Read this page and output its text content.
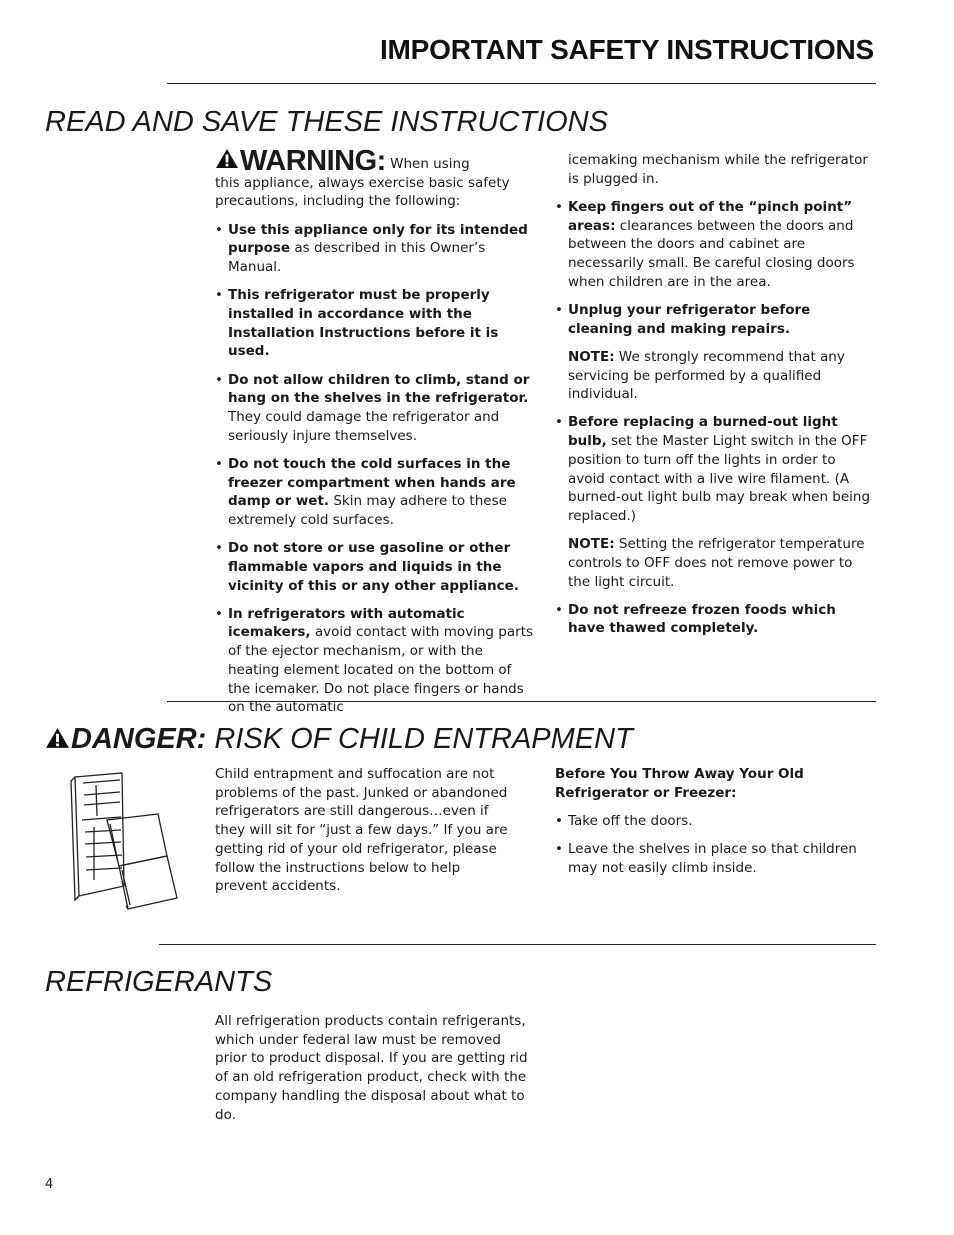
IMPORTANT SAFETY INSTRUCTIONS
READ AND SAVE THESE INSTRUCTIONS
WARNING: When using

this appliance, always exercise basic safety precautions, including the following:

• Use this appliance only for its intended purpose as described in this Owner’s Manual.
• This refrigerator must be properly installed in accordance with the Installation Instructions before it is used.
• Do not allow children to climb, stand or hang on the shelves in the refrigerator. They could damage the refrigerator and seriously injure themselves.
• Do not touch the cold surfaces in the freezer compartment when hands are damp or wet. Skin may adhere to these extremely cold surfaces.
• Do not store or use gasoline or other flammable vapors and liquids in the vicinity of this or any other appliance.
• In refrigerators with automatic icemakers, avoid contact with moving parts of the ejector mechanism, or with the heating element located on the bottom of the icemaker. Do not place fingers or hands on the automatic

icemaking mechanism while the refrigerator is plugged in.

• Keep fingers out of the “pinch point” areas: clearances between the doors and between the doors and cabinet are necessarily small. Be careful closing doors when children are in the area.
• Unplug your refrigerator before cleaning and making repairs.

NOTE: We strongly recommend that any servicing be performed by a qualified individual.

• Before replacing a burned-out light bulb, set the Master Light switch in the OFF position to turn off the lights in order to avoid contact with a live wire filament. (A burned-out light bulb may break when being replaced.)

NOTE: Setting the refrigerator temperature controls to OFF does not remove power to the light circuit.

• Do not refreeze frozen foods which have thawed completely.
DANGER: RISK OF CHILD ENTRAPMENT

Child entrapment and suffocation are not problems of the past. Junked or abandoned refrigerators are still dangerous…even if they will sit for “just a few days.” If you are getting rid of your old refrigerator, please follow the instructions below to help prevent accidents.

Before You Throw Away Your Old Refrigerator or Freezer:

• Take off the doors.
• Leave the shelves in place so that children may not easily climb inside.
REFRIGERANTS

All refrigeration products contain refrigerants, which under federal law must be removed prior to product disposal. If you are getting rid of an old refrigeration product, check with the company handling the disposal about what to do.

4
